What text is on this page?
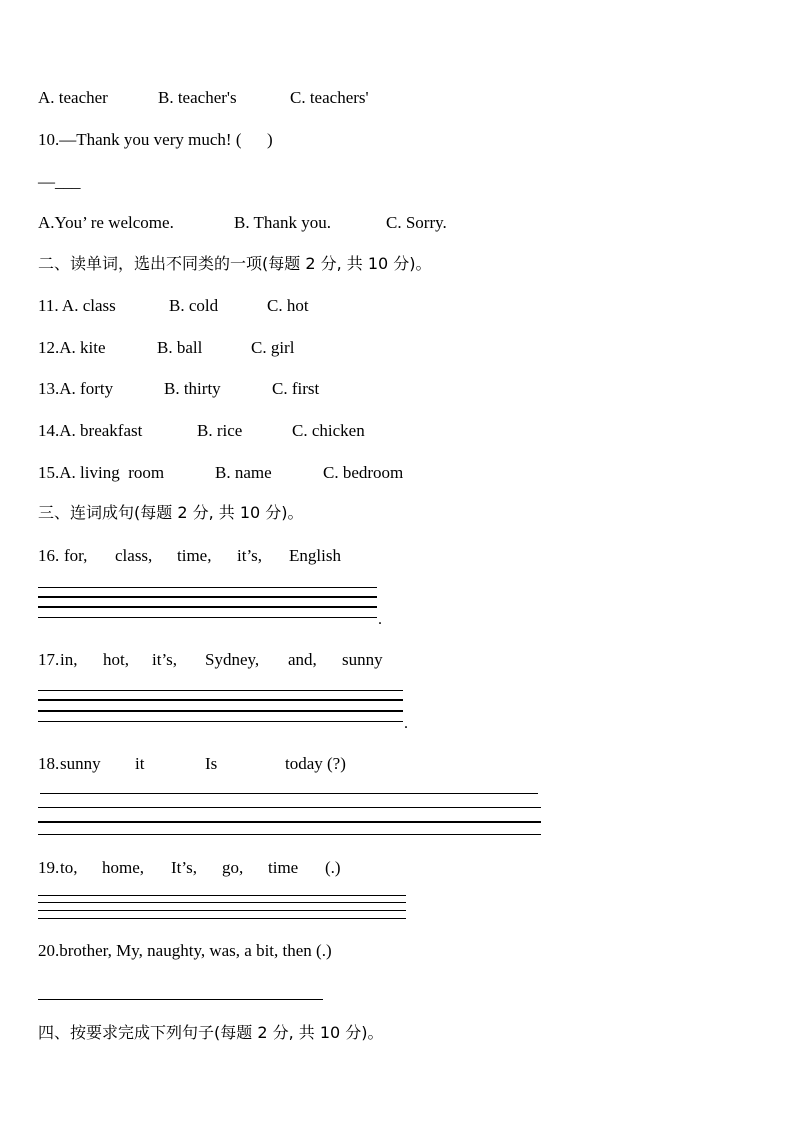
A. teacher	B. teacher's	C. teachers'
10.—Thank you very much! (      )
—___
A.You’ re welcome.	B. Thank you.	C. Sorry.
二、读单词，选出不同类的一项(每题 2 分, 共 10 分)。
11. A. class	B. cold	C. hot
12.A. kite	B. ball	C. girl
13.A. forty	B. thirty	C. first
14.A. breakfast	B. rice	C. chicken
15.A. living  room	B. name	C. bedroom
三、连词成句(每题 2 分, 共 10 分)。
16. for, class, time, it’s, English
.
17. in, hot, it’s, Sydney, and, sunny
.
18. sunny it	Is	today (?)
19. to, home, It’s, go, time (.)
20.brother, My, naughty, was, a bit, then (.)
四、按要求完成下列句子(每题 2 分, 共 10 分)。
